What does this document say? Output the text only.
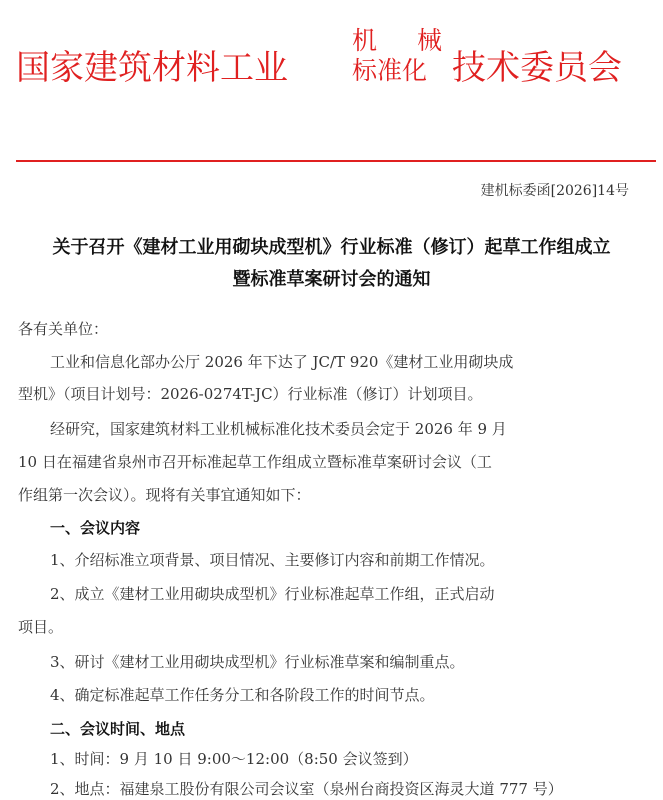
国家建筑材料工业
机 械
标准化 技术委员会
建机标委函[2026]14号
关于召开《建材工业用砌块成型机》行业标准（修订）起草工作组成立
暨标准草案研讨会的通知
各有关单位：
工业和信息化部办公厅 2026 年下达了 JC/T 920《建材工业用砌块成
型机》（项目计划号：2026-0274T-JC）行业标准（修订）计划项目。
经研究，国家建筑材料工业机械标准化技术委员会定于 2026 年 9 月
10 日在福建省泉州市召开标准起草工作组成立暨标准草案研讨会议（工
作组第一次会议）。现将有关事宜通知如下：
一、会议内容
1、介绍标准立项背景、项目情况、主要修订内容和前期工作情况。
2、成立《建材工业用砌块成型机》行业标准起草工作组，正式启动
项目。
3、研讨《建材工业用砌块成型机》行业标准草案和编制重点。
4、确定标准起草工作任务分工和各阶段工作的时间节点。
二、会议时间、地点
1、时间：9 月 10 日 9:00～12:00（8:50 会议签到）
2、地点：福建泉工股份有限公司会议室（泉州台商投资区海灵大道 777 号）
